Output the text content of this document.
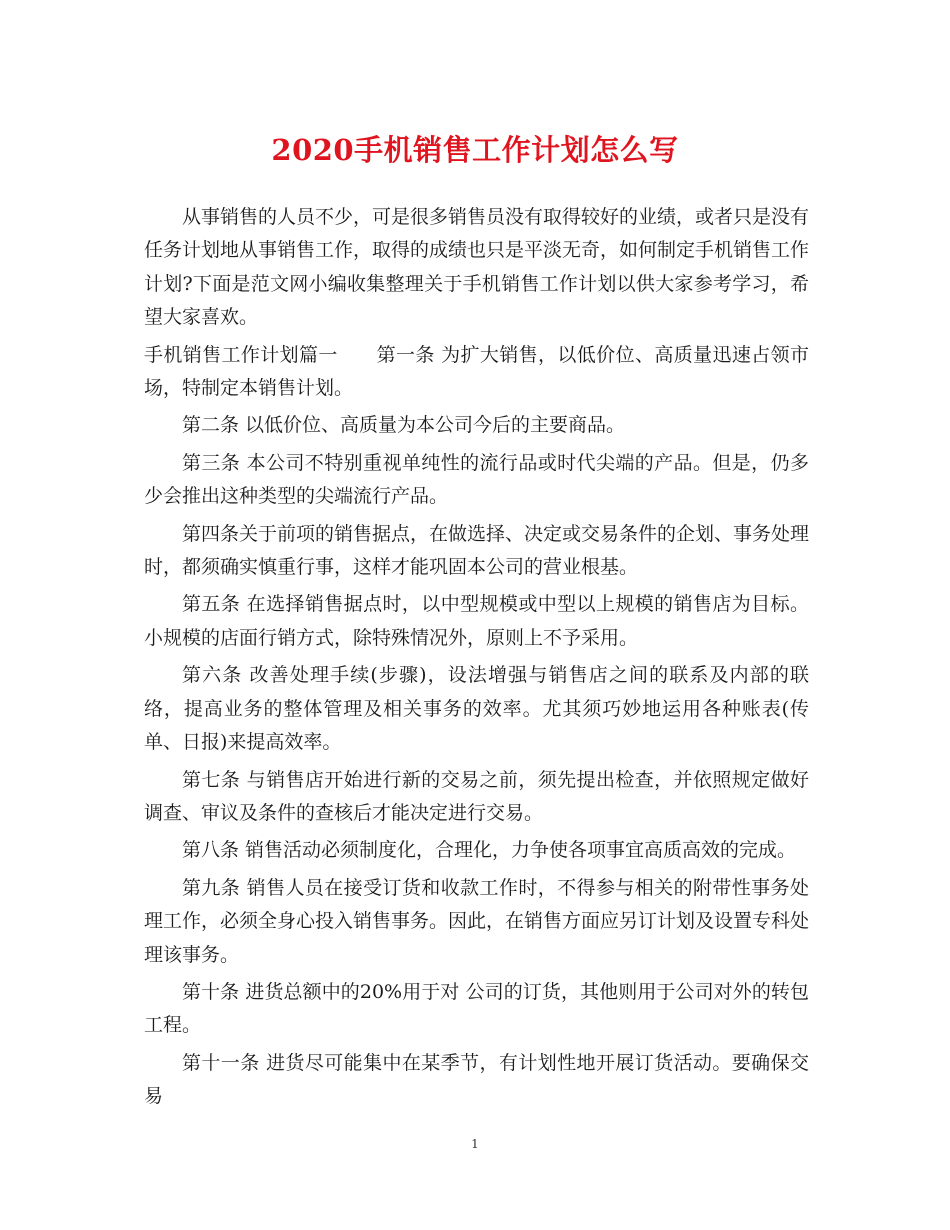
2020手机销售工作计划怎么写

从事销售的人员不少，可是很多销售员没有取得较好的业绩，或者只是没有任务计划地从事销售工作，取得的成绩也只是平淡无奇，如何制定手机销售工作计划?下面是范文网小编收集整理关于手机销售工作计划以供大家参考学习，希望大家喜欢。

手机销售工作计划篇一　　第一条 为扩大销售，以低价位、高质量迅速占领市场，特制定本销售计划。

第二条 以低价位、高质量为本公司今后的主要商品。

第三条 本公司不特别重视单纯性的流行品或时代尖端的产品。但是，仍多少会推出这种类型的尖端流行产品。

第四条关于前项的销售据点，在做选择、决定或交易条件的企划、事务处理时，都须确实慎重行事，这样才能巩固本公司的营业根基。

第五条 在选择销售据点时，以中型规模或中型以上规模的销售店为目标。小规模的店面行销方式，除特殊情况外，原则上不予采用。

第六条 改善处理手续(步骤)，设法增强与销售店之间的联系及内部的联络，提高业务的整体管理及相关事务的效率。尤其须巧妙地运用各种账表(传单、日报)来提高效率。

第七条 与销售店开始进行新的交易之前，须先提出检查，并依照规定做好调查、审议及条件的查核后才能决定进行交易。

第八条 销售活动必须制度化，合理化，力争使各项事宜高质高效的完成。

第九条 销售人员在接受订货和收款工作时，不得参与相关的附带性事务处理工作，必须全身心投入销售事务。因此，在销售方面应另订计划及设置专科处理该事务。

第十条 进货总额中的20%用于对 公司的订货，其他则用于公司对外的转包工程。

第十一条 进货尽可能集中在某季节，有计划性地开展订货活动。要确保交易

1
